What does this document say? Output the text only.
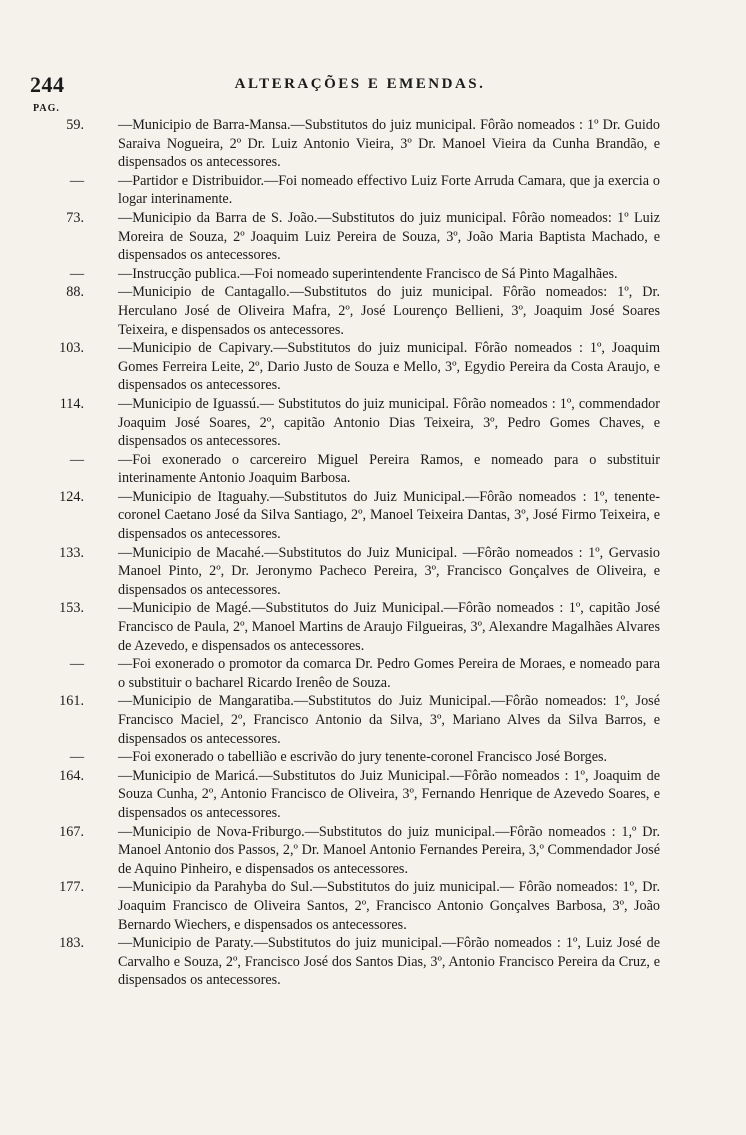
244	ALTERAÇÕES E EMENDAS.
PAG.
59. —Municipio de Barra-Mansa.—Substitutos do juiz municipal. Fôrão nomeados : 1º Dr. Guido Saraiva Nogueira, 2º Dr. Luiz Antonio Vieira, 3º Dr. Manoel Vieira da Cunha Brandão, e dispensados os antecessores.
— —Partidor e Distribuidor.—Foi nomeado effectivo Luiz Forte Arruda Camara, que ja exercia o logar interinamente.
73. —Municipio da Barra de S. João.—Substitutos do juiz municipal. Fôrão nomeados: 1º Luiz Moreira de Souza, 2º Joaquim Luiz Pereira de Souza, 3º, João Maria Baptista Machado, e dispensados os antecessores.
— —Instrucção publica.—Foi nomeado superintendente Francisco de Sá Pinto Magalhães.
88. —Municipio de Cantagallo.—Substitutos do juiz municipal. Fôrão nomeados: 1º, Dr. Herculano José de Oliveira Mafra, 2º, José Lourenço Bellieni, 3º, Joaquim José Soares Teixeira, e dispensados os antecessores.
103. —Municipio de Capivary.—Substitutos do juiz municipal. Fôrão nomeados : 1º, Joaquim Gomes Ferreira Leite, 2º, Dario Justo de Souza e Mello, 3º, Egydio Pereira da Costa Araujo, e dispensados os antecessores.
114. —Municipio de Iguassú.— Substitutos do juiz municipal. Fôrão nomeados : 1º, commendador Joaquim José Soares, 2º, capitão Antonio Dias Teixeira, 3º, Pedro Gomes Chaves, e dispensados os antecessores.
— —Foi exonerado o carcereiro Miguel Pereira Ramos, e nomeado para o substituir interinamente Antonio Joaquim Barbosa.
124. —Municipio de Itaguahy.—Substitutos do Juiz Municipal.—Fôrão nomeados : 1º, tenente-coronel Caetano José da Silva Santiago, 2º, Manoel Teixeira Dantas, 3º, José Firmo Teixeira, e dispensados os antecessores.
133. —Municipio de Macahé.—Substitutos do Juiz Municipal. —Fôrão nomeados : 1º, Gervasio Manoel Pinto, 2º, Dr. Jeronymo Pacheco Pereira, 3º, Francisco Gonçalves de Oliveira, e dispensados os antecessores.
153. —Municipio de Magé.—Substitutos do Juiz Municipal.—Fôrão nomeados : 1º, capitão José Francisco de Paula, 2º, Manoel Martins de Araujo Filgueiras, 3º, Alexandre Magalhães Alvares de Azevedo, e dispensados os antecessores.
— —Foi exonerado o promotor da comarca Dr. Pedro Gomes Pereira de Moraes, e nomeado para o substituir o bacharel Ricardo Irenêo de Souza.
161. —Municipio de Mangaratiba.—Substitutos do Juiz Municipal.—Fôrão nomeados: 1º, José Francisco Maciel, 2º, Francisco Antonio da Silva, 3º, Mariano Alves da Silva Barros, e dispensados os antecessores.
— —Foi exonerado o tabellião e escrivão do jury tenente-coronel Francisco José Borges.
164. —Municipio de Maricá.—Substitutos do Juiz Municipal.—Fôrão nomeados : 1º, Joaquim de Souza Cunha, 2º, Antonio Francisco de Oliveira, 3º, Fernando Henrique de Azevedo Soares, e dispensados os antecessores.
167. —Municipio de Nova-Friburgo.—Substitutos do juiz municipal.—Fôrão nomeados : 1,º Dr. Manoel Antonio dos Passos, 2,º Dr. Manoel Antonio Fernandes Pereira, 3,º Commendador José de Aquino Pinheiro, e dispensados os antecessores.
177. —Municipio da Parahyba do Sul.—Substitutos do juiz municipal.— Fôrão nomeados: 1º, Dr. Joaquim Francisco de Oliveira Santos, 2º, Francisco Antonio Gonçalves Barbosa, 3º, João Bernardo Wiechers, e dispensados os antecessores.
183. —Municipio de Paraty.—Substitutos do juiz municipal.—Fôrão nomeados : 1º, Luiz José de Carvalho e Souza, 2º, Francisco José dos Santos Dias, 3º, Antonio Francisco Pereira da Cruz, e dispensados os antecessores.
